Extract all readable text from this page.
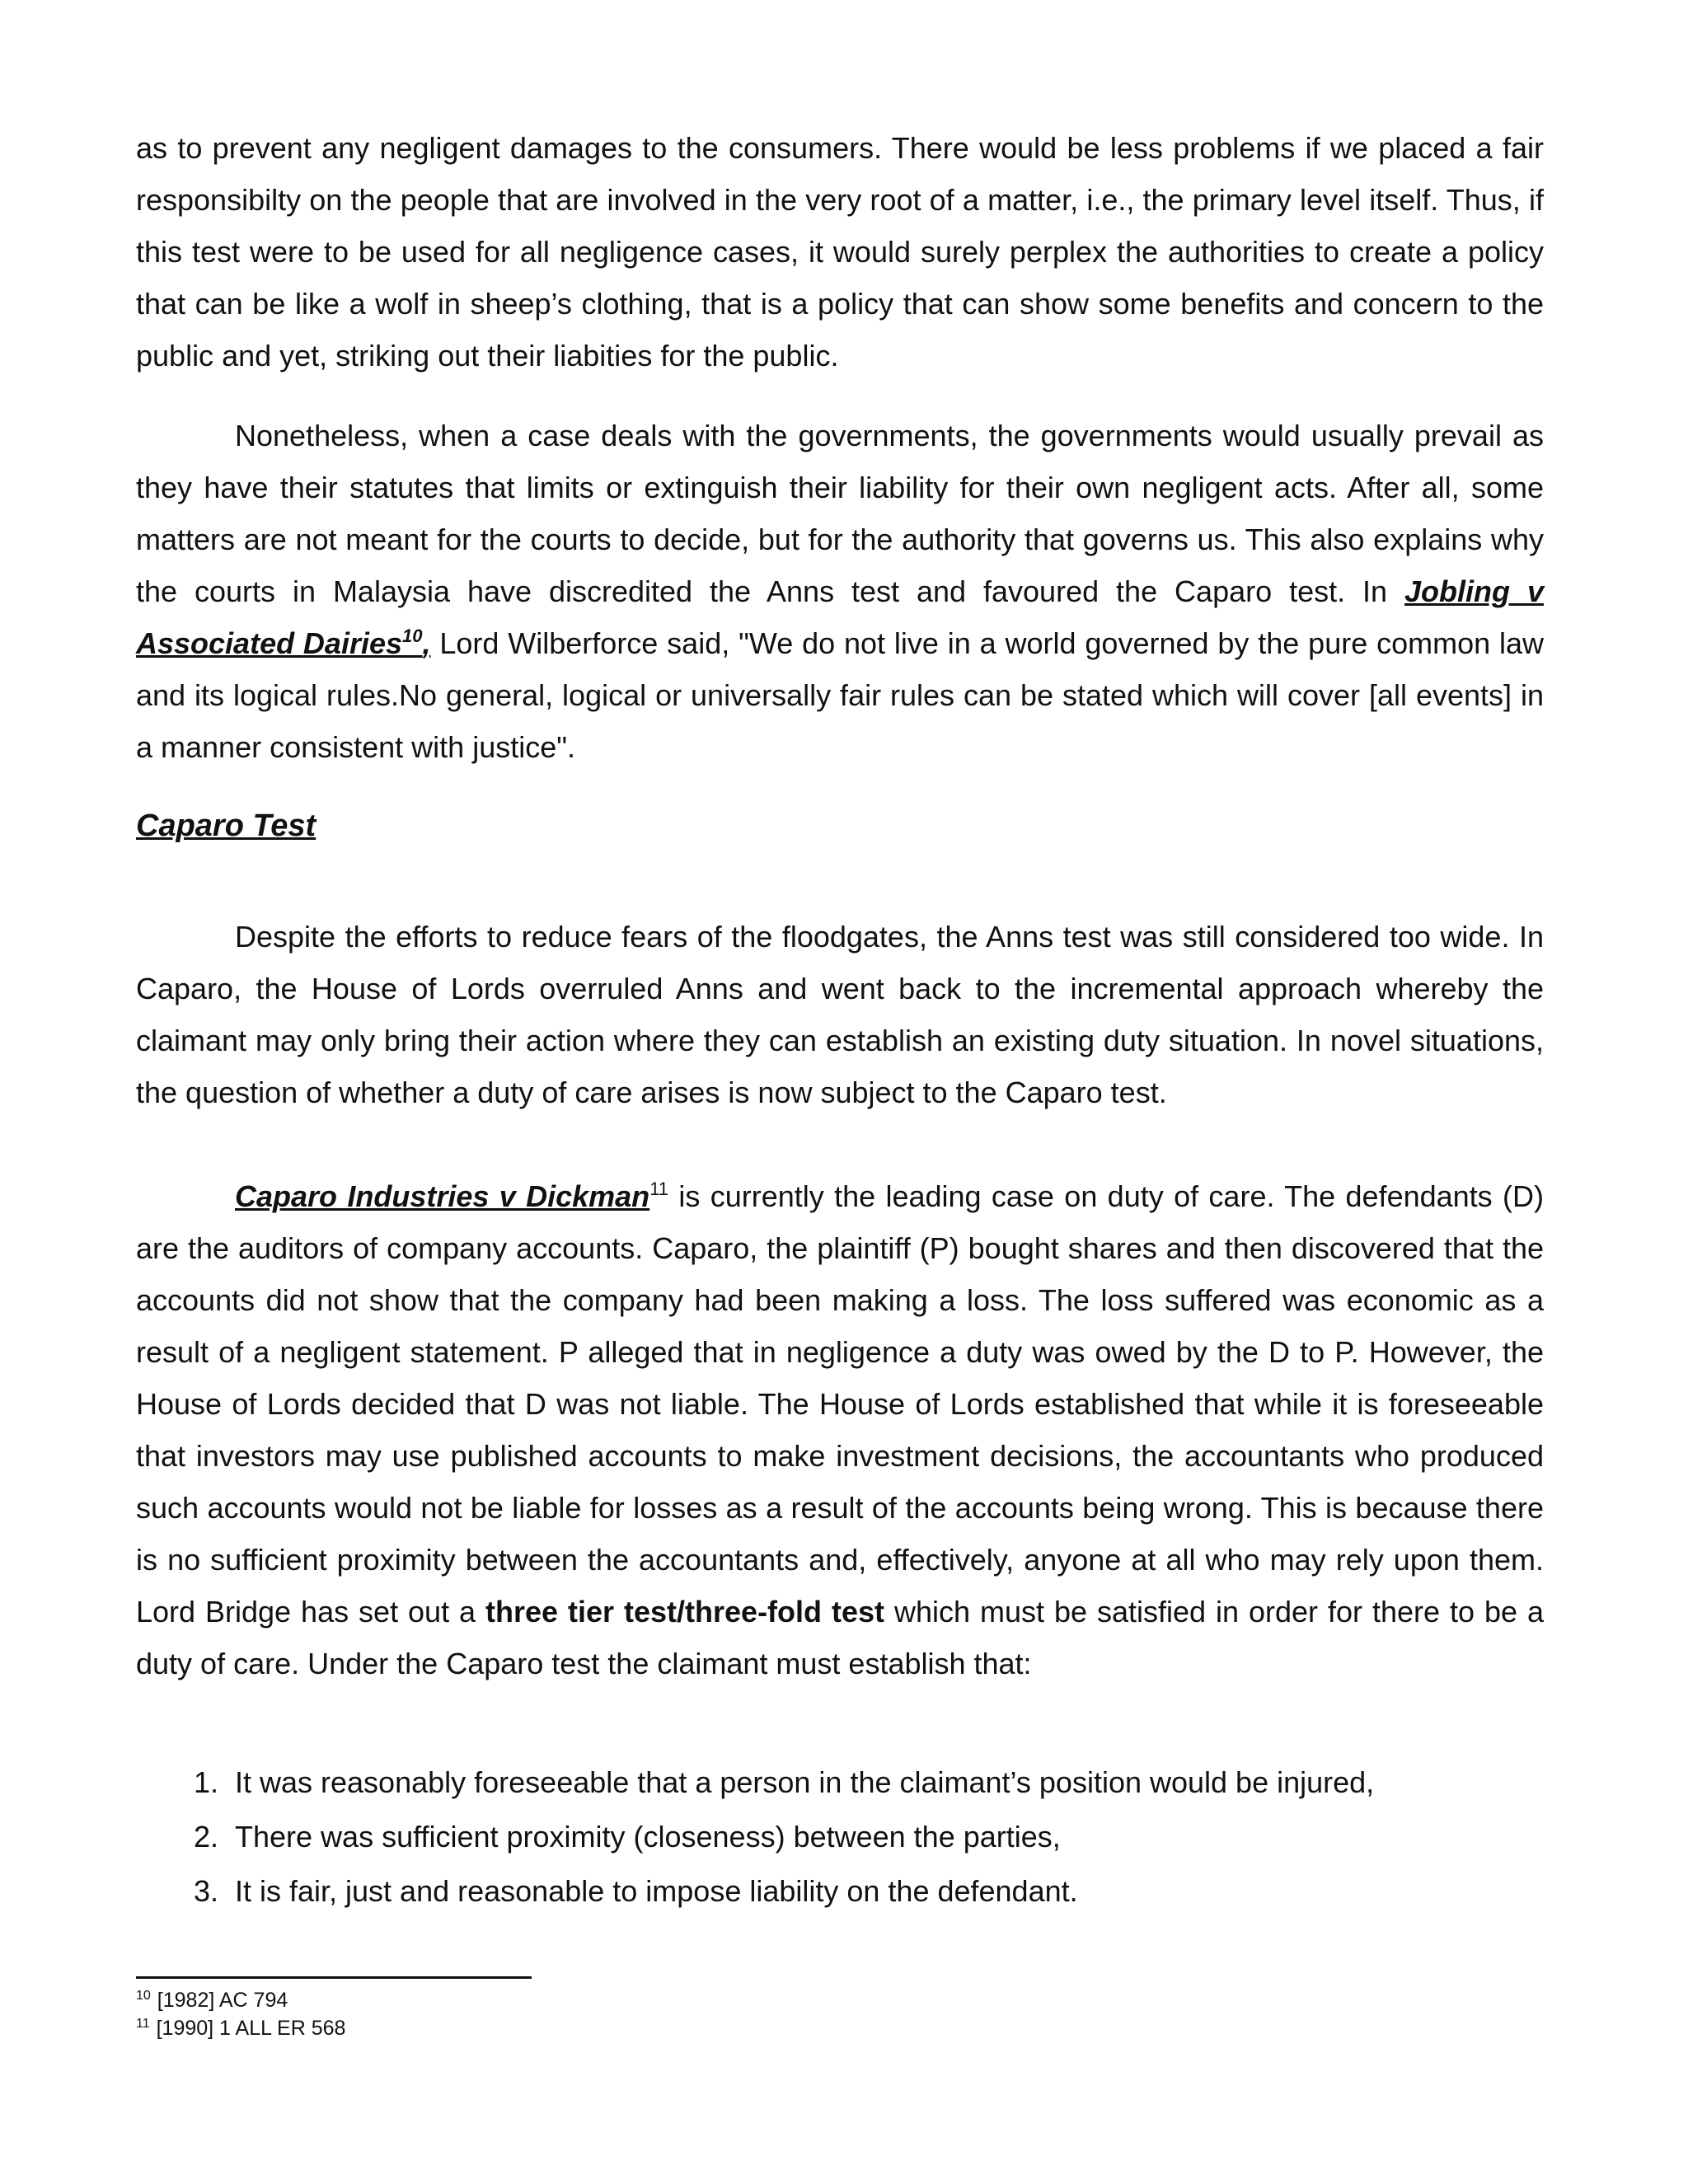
as to prevent any negligent damages to the consumers. There would be less problems if we placed a fair responsibilty on the people that are involved in the very root of a matter, i.e., the primary level itself. Thus, if this test were to be used for all negligence cases, it would surely perplex the authorities to create a policy that can be like a wolf in sheep’s clothing, that is a policy that can show some benefits and concern to the public and yet, striking out their liabities for the public.

Nonetheless, when a case deals with the governments, the governments would usually prevail as they have their statutes that limits or extinguish their liability for their own negligent acts. After all, some matters are not meant for the courts to decide, but for the authority that governs us. This also explains why the courts in Malaysia have discredited the Anns test and favoured the Caparo test. In Jobling v Associated Dairies$^{10}$, Lord Wilberforce said, "We do not live in a world governed by the pure common law and its logical rules.No general, logical or universally fair rules can be stated which will cover [all events] in a manner consistent with justice".

Caparo Test

Despite the efforts to reduce fears of the floodgates, the Anns test was still considered too wide. In Caparo, the House of Lords overruled Anns and went back to the incremental approach whereby the claimant may only bring their action where they can establish an existing duty situation. In novel situations, the question of whether a duty of care arises is now subject to the Caparo test.

Caparo Industries v Dickman$^{11}$ is currently the leading case on duty of care. The defendants (D) are the auditors of company accounts. Caparo, the plaintiff (P) bought shares and then discovered that the accounts did not show that the company had been making a loss. The loss suffered was economic as a result of a negligent statement. P alleged that in negligence a duty was owed by the D to P. However, the House of Lords decided that D was not liable. The House of Lords established that while it is foreseeable that investors may use published accounts to make investment decisions, the accountants who produced such accounts would not be liable for losses as a result of the accounts being wrong. This is because there is no sufficient proximity between the accountants and, effectively, anyone at all who may rely upon them. Lord Bridge has set out a three tier test/three-fold test which must be satisfied in order for there to be a duty of care. Under the Caparo test the claimant must establish that:

1. It was reasonably foreseeable that a person in the claimant’s position would be injured,
2. There was sufficient proximity (closeness) between the parties,
3. It is fair, just and reasonable to impose liability on the defendant.
$^{10}$ [1982] AC 794
$^{11}$ [1990] 1 ALL ER 568
